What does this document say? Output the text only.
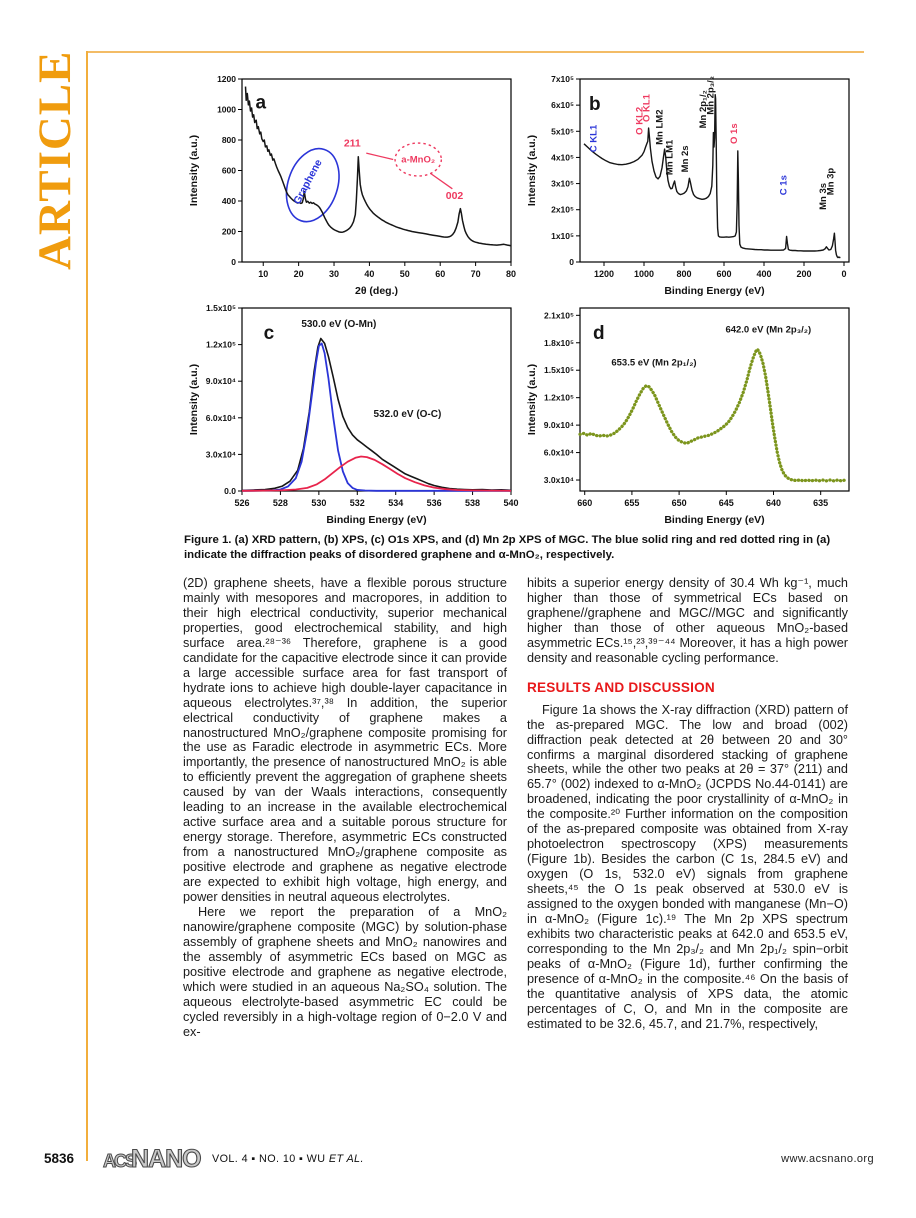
ARTICLE
10	20	30	40	50	60	70	80
0
200
400
600
800
1000
1200
2θ (deg.)
Intensity (a.u.)
a
Graphene
211
a-MnO₂
002
1200 1000 800	600	400	200	0
0
1x10⁵
2x10⁵
3x10⁵
4x10⁵
5x10⁵
6x10⁵
7x10⁵
Binding Energy (eV)
Intensity (a.u.)
b
C KL1
O KL2
O KL1
Mn LM2
Mn LM1 Mn 2s
Mn 2p₁/₂
Mn 2p₃/₂
O 1s
C 1s	Mn 3s
Mn 3p
526	528	530	532	534	536	538	540
0.0
3.0x10⁴
6.0x10⁴
9.0x10⁴
1.2x10⁵
1.5x10⁵
Binding Energy (eV)
Intensity (a.u.)
c	530.0 eV (O-Mn)
532.0 eV (O-C)
660	655	650	645	640	635
3.0x10⁴
6.0x10⁴
9.0x10⁴
1.2x10⁵
1.5x10⁵
1.8x10⁵
2.1x10⁵
Binding Energy (eV)
Intensity (a.u.)
d
653.5 eV (Mn 2p₁/₂)
642.0 eV (Mn 2p₃/₂)
Figure 1. (a) XRD pattern, (b) XPS, (c) O1s XPS, and (d) Mn 2p XPS of MGC. The blue solid ring and red dotted ring in (a) indicate the diffraction peaks of disordered graphene and α-MnO₂, respectively.

(2D) graphene sheets, have a flexible porous structure mainly with mesopores and macropores, in addition to their high electrical conductivity, superior mechanical properties, good electrochemical stability, and high surface area.²⁸⁻³⁶ Therefore, graphene is a good candidate for the capacitive electrode since it can provide a large accessible surface area for fast transport of hydrate ions to achieve high double-layer capacitance in aqueous electrolytes.³⁷,³⁸ In addition, the superior electrical conductivity of graphene makes a nanostructured MnO₂/graphene composite promising for the use as Faradic electrode in asymmetric ECs. More importantly, the presence of nanostructured MnO₂ is able to efficiently prevent the aggregation of graphene sheets caused by van der Waals interactions, consequently leading to an increase in the available electrochemical active surface area and a suitable porous structure for energy storage. Therefore, asymmetric ECs constructed from a nanostructured MnO₂/graphene composite as positive electrode and graphene as negative electrode are expected to exhibit high voltage, high energy, and power densities in neutral aqueous electrolytes.

Here we report the preparation of a MnO₂ nanowire/graphene composite (MGC) by solution-phase assembly of graphene sheets and MnO₂ nanowires and the assembly of asymmetric ECs based on MGC as positive electrode and graphene as negative electrode, which were studied in an aqueous Na₂SO₄ solution. The aqueous electrolyte-based asymmetric EC could be cycled reversibly in a high-voltage region of 0−2.0 V and ex-

hibits a superior energy density of 30.4 Wh kg⁻¹, much higher than those of symmetrical ECs based on graphene//graphene and MGC//MGC and significantly higher than those of other aqueous MnO₂-based asymmetric ECs.¹⁵,²³,³⁹⁻⁴⁴ Moreover, it has a high power density and reasonable cycling performance.

RESULTS AND DISCUSSION

Figure 1a shows the X-ray diffraction (XRD) pattern of the as-prepared MGC. The low and broad (002) diffraction peak detected at 2θ between 20 and 30° confirms a marginal disordered stacking of graphene sheets, while the other two peaks at 2θ = 37° (211) and 65.7° (002) indexed to α-MnO₂ (JCPDS No.44-0141) are broadened, indicating the poor crystallinity of α-MnO₂ in the composite.²⁰ Further information on the composition of the as-prepared composite was obtained from X-ray photoelectron spectroscopy (XPS) measurements (Figure 1b). Besides the carbon (C 1s, 284.5 eV) and oxygen (O 1s, 532.0 eV) signals from graphene sheets,⁴⁵ the O 1s peak observed at 530.0 eV is assigned to the oxygen bonded with manganese (Mn−O) in α-MnO₂ (Figure 1c).¹⁹ The Mn 2p XPS spectrum exhibits two characteristic peaks at 642.0 and 653.5 eV, corresponding to the Mn 2p₃/₂ and Mn 2p₁/₂ spin−orbit peaks of α-MnO₂ (Figure 1d), further confirming the presence of α-MnO₂ in the composite.⁴⁶ On the basis of the quantitative analysis of XPS data, the atomic percentages of C, O, and Mn in the composite are estimated to be 32.6, 45.7, and 21.7%, respectively,

5836 ACSNANO VOL. 4 ▪ NO. 10 ▪ WU ET AL.	www.acsnano.org
